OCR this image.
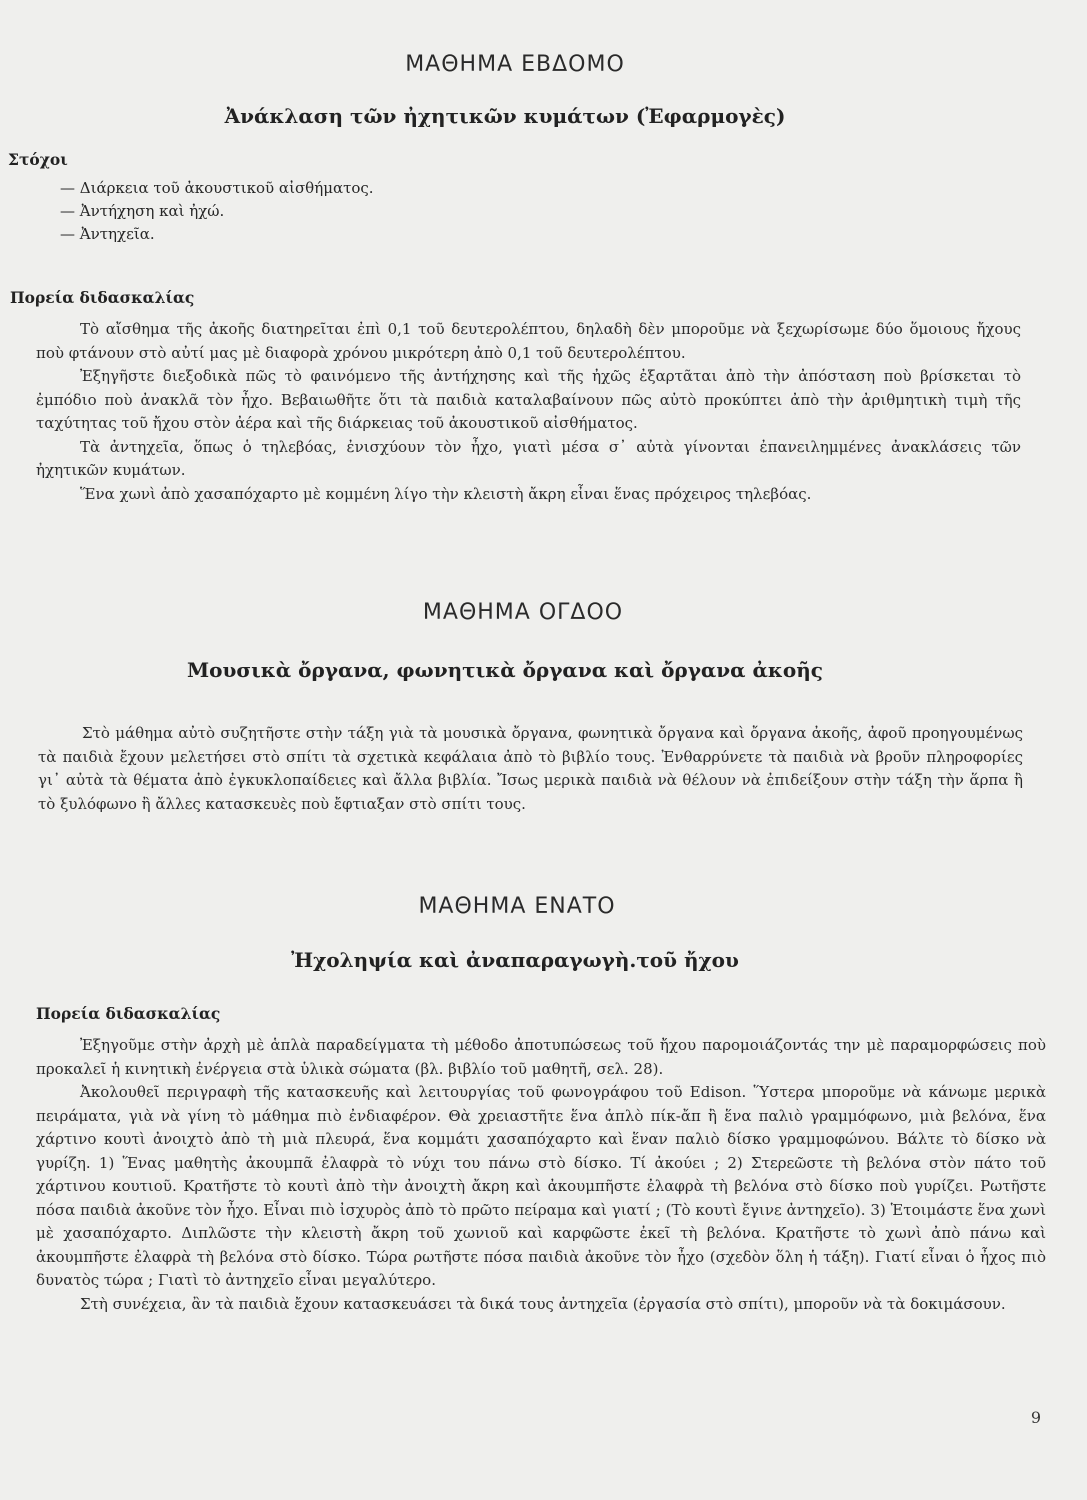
ΜΑΘΗΜΑ ΕΒΔΟΜΟ
Ἀνάκλαση τῶν ἠχητικῶν κυμάτων (Ἐφαρμογὲς)
Στόχοι
— Διάρκεια τοῦ ἀκουστικοῦ αἰσθήματος.
— Ἀντήχηση καὶ ἠχώ.
— Ἀντηχεῖα.
Πορεία διδασκαλίας

Τὸ αἴσθημα τῆς ἀκοῆς διατηρεῖται ἐπὶ 0,1 τοῦ δευτερολέπτου, δηλαδὴ δὲν μποροῦμε νὰ ξεχωρίσωμε δύο ὅμοιους ἤχους ποὺ φτάνουν στὸ αὐτί μας μὲ διαφορὰ χρόνου μικρότερη ἀπὸ 0,1 τοῦ δευτερολέπτου.

Ἐξηγῆστε διεξοδικὰ πῶς τὸ φαινόμενο τῆς ἀντήχησης καὶ τῆς ἠχῶς ἐξαρτᾶται ἀπὸ τὴν ἀπόσταση ποὺ βρίσκεται τὸ ἐμπόδιο ποὺ ἀνακλᾶ τὸν ἦχο. Βεβαιωθῆτε ὅτι τὰ παιδιὰ καταλαβαίνουν πῶς αὐτὸ προκύπτει ἀπὸ τὴν ἀριθμητικὴ τιμὴ τῆς ταχύτητας τοῦ ἤχου στὸν ἀέρα καὶ τῆς διάρκειας τοῦ ἀκουστικοῦ αἰσθήματος.

Τὰ ἀντηχεῖα, ὅπως ὁ τηλεβόας, ἐνισχύουν τὸν ἦχο, γιατὶ μέσα σ᾿ αὐτὰ γίνονται ἐπανειλημμένες ἀνακλάσεις τῶν ἠχητικῶν κυμάτων.

Ἕνα χωνὶ ἀπὸ χασαπόχαρτο μὲ κομμένη λίγο τὴν κλειστὴ ἄκρη εἶναι ἕνας πρόχειρος τηλεβόας.

ΜΑΘΗΜΑ ΟΓΔΟΟ
Μουσικὰ ὄργανα, φωνητικὰ ὄργανα καὶ ὄργανα ἀκοῆς

Στὸ μάθημα αὐτὸ συζητῆστε στὴν τάξη γιὰ τὰ μουσικὰ ὄργανα, φωνητικὰ ὄργανα καὶ ὄργανα ἀκοῆς, ἀφοῦ προηγουμένως τὰ παιδιὰ ἔχουν μελετήσει στὸ σπίτι τὰ σχετικὰ κεφάλαια ἀπὸ τὸ βιβλίο τους. Ἐνθαρρύνετε τὰ παιδιὰ νὰ βροῦν πληροφορίες γι᾿ αὐτὰ τὰ θέματα ἀπὸ ἐγκυκλοπαίδειες καὶ ἄλλα βιβλία. Ἴσως μερικὰ παιδιὰ νὰ θέλουν νὰ ἐπιδείξουν στὴν τάξη τὴν ἅρπα ἢ τὸ ξυλόφωνο ἢ ἄλλες κατασκευὲς ποὺ ἔφτιαξαν στὸ σπίτι τους.

ΜΑΘΗΜΑ ΕΝΑΤΟ
Ἠχοληψία καὶ ἀναπαραγωγὴ.τοῦ ἤχου
Πορεία διδασκαλίας

Ἐξηγοῦμε στὴν ἀρχὴ μὲ ἁπλὰ παραδείγματα τὴ μέθοδο ἀποτυπώσεως τοῦ ἤχου παρομοιάζοντάς την μὲ παραμορφώσεις ποὺ προκαλεῖ ἡ κινητικὴ ἐνέργεια στὰ ὑλικὰ σώματα (βλ. βιβλίο τοῦ μαθητῆ, σελ. 28).

Ἀκολουθεῖ περιγραφὴ τῆς κατασκευῆς καὶ λειτουργίας τοῦ φωνογράφου τοῦ Edison. Ὕστερα μποροῦμε νὰ κάνωμε μερικὰ πειράματα, γιὰ νὰ γίνη τὸ μάθημα πιὸ ἐνδιαφέρον. Θὰ χρειαστῆτε ἕνα ἁπλὸ πίκ-ἄπ ἢ ἕνα παλιὸ γραμμόφωνο, μιὰ βελόνα, ἕνα χάρτινο κουτὶ ἀνοιχτὸ ἀπὸ τὴ μιὰ πλευρά, ἕνα κομμάτι χασαπόχαρτο καὶ ἕναν παλιὸ δίσκο γραμμοφώνου. Βάλτε τὸ δίσκο νὰ γυρίζη. 1) Ἕνας μαθητὴς ἀκουμπᾶ ἐλαφρὰ τὸ νύχι του πάνω στὸ δίσκο. Τί ἀκούει ; 2) Στερεῶστε τὴ βελόνα στὸν πάτο τοῦ χάρτινου κουτιοῦ. Κρατῆστε τὸ κουτὶ ἀπὸ τὴν ἀνοιχτὴ ἄκρη καὶ ἀκουμπῆστε ἐλαφρὰ τὴ βελόνα στὸ δίσκο ποὺ γυρίζει. Ρωτῆστε πόσα παιδιὰ ἀκοῦνε τὸν ἦχο. Εἶναι πιὸ ἰσχυρὸς ἀπὸ τὸ πρῶτο πείραμα καὶ γιατί ; (Τὸ κουτὶ ἔγινε ἀντηχεῖο). 3) Ἑτοιμάστε ἕνα χωνὶ μὲ χασαπόχαρτο. Διπλῶστε τὴν κλειστὴ ἄκρη τοῦ χωνιοῦ καὶ καρφῶστε ἐκεῖ τὴ βελόνα. Κρατῆστε τὸ χωνὶ ἀπὸ πάνω καὶ ἀκουμπῆστε ἐλαφρὰ τὴ βελόνα στὸ δίσκο. Τώρα ρωτῆστε πόσα παιδιὰ ἀκοῦνε τὸν ἦχο (σχεδὸν ὅλη ἡ τάξη). Γιατί εἶναι ὁ ἦχος πιὸ δυνατὸς τώρα ; Γιατὶ τὸ ἀντηχεῖο εἶναι μεγαλύτερο.

Στὴ συνέχεια, ἂν τὰ παιδιὰ ἔχουν κατασκευάσει τὰ δικά τους ἀντηχεῖα (ἐργασία στὸ σπίτι), μποροῦν νὰ τὰ δοκιμάσουν.

9
